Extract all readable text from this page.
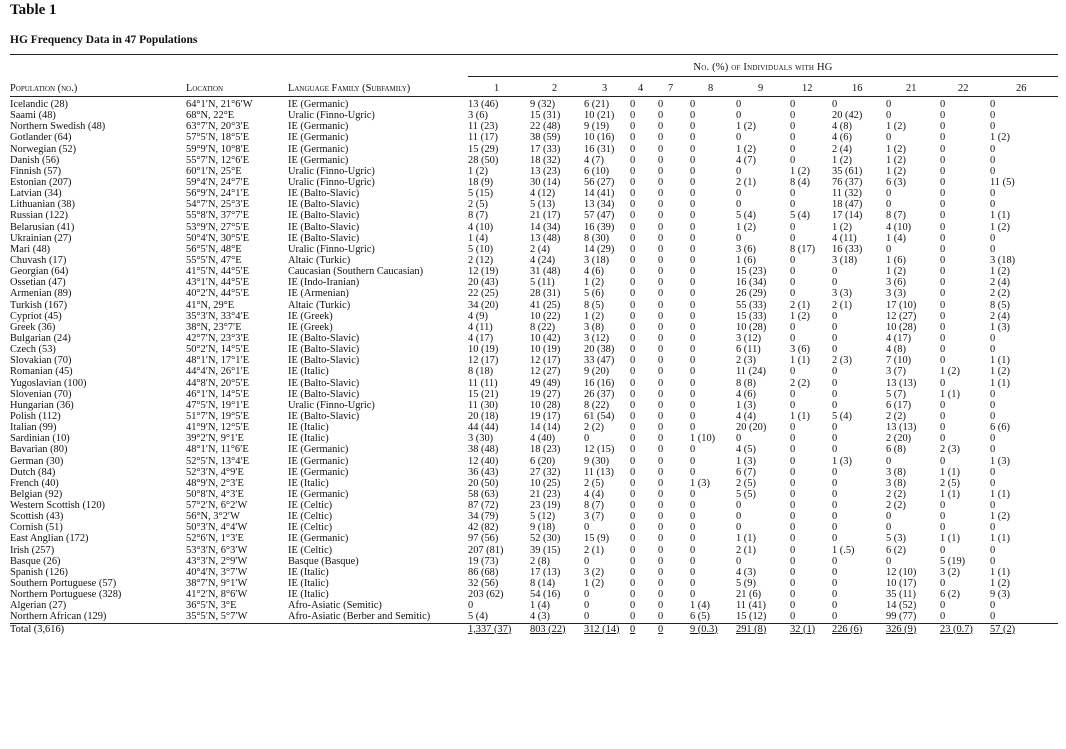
Table 1
HG Frequency Data in 47 Populations
No. (%) of Individuals with HG
Population (no.)	Location	Language Family (Subfamily)	1	2	3	4	7	8	9	12	16	21	22	26
Icelandic (28)	64°1′N, 21°6′W	IE (Germanic)	13 (46)	9 (32)	6 (21)	0	0	0	0	0	0	0	0	0
Saami (48)	68°N, 22°E	Uralic (Finno-Ugric)	3 (6)	15 (31)	10 (21)	0	0	0	0	0	20 (42)	0	0	0
Northern Swedish (48)	63°7′N, 20°3′E	IE (Germanic)	11 (23)	22 (48)	9 (19)	0	0	0	1 (2)	0	4 (8)	1 (2)	0	0
Gotlander (64)	57°5′N, 18°5′E	IE (Germanic)	11 (17)	38 (59)	10 (16)	0	0	0	0	0	4 (6)	0	0	1 (2)
Norwegian (52)	59°9′N, 10°8′E	IE (Germanic)	15 (29)	17 (33)	16 (31)	0	0	0	1 (2)	0	2 (4)	1 (2)	0	0
Danish (56)	55°7′N, 12°6′E	IE (Germanic)	28 (50)	18 (32)	4 (7)	0	0	0	4 (7)	0	1 (2)	1 (2)	0	0
Finnish (57)	60°1′N, 25°E	Uralic (Finno-Ugric)	1 (2)	13 (23)	6 (10)	0	0	0	0	1 (2)	35 (61)	1 (2)	0	0
Estonian (207)	59°4′N, 24°7′E	Uralic (Finno-Ugric)	18 (9)	30 (14)	56 (27)	0	0	0	2 (1)	8 (4)	76 (37)	6 (3)	0	11 (5)
Latvian (34)	56°9′N, 24°1′E	IE (Balto-Slavic)	5 (15)	4 (12)	14 (41)	0	0	0	0	0	11 (32)	0	0	0
Lithuanian (38)	54°7′N, 25°3′E	IE (Balto-Slavic)	2 (5)	5 (13)	13 (34)	0	0	0	0	0	18 (47)	0	0	0
Russian (122)	55°8′N, 37°7′E	IE (Balto-Slavic)	8 (7)	21 (17)	57 (47)	0	0	0	5 (4)	5 (4)	17 (14)	8 (7)	0	1 (1)
Belarusian (41)	53°9′N, 27°5′E	IE (Balto-Slavic)	4 (10)	14 (34)	16 (39)	0	0	0	1 (2)	0	1 (2)	4 (10)	0	1 (2)
Ukrainian (27)	50°4′N, 30°5′E	IE (Balto-Slavic)	1 (4)	13 (48)	8 (30)	0	0	0	0	0	4 (11)	1 (4)	0	0
Mari (48)	56°5′N, 48°E	Uralic (Finno-Ugric)	5 (10)	2 (4)	14 (29)	0	0	0	3 (6)	8 (17)	16 (33)	0	0	0
Chuvash (17)	55°5′N, 47°E	Altaic (Turkic)	2 (12)	4 (24)	3 (18)	0	0	0	1 (6)	0	3 (18)	1 (6)	0	3 (18)
Georgian (64)	41°5′N, 44°5′E	Caucasian (Southern Caucasian)	12 (19)	31 (48)	4 (6)	0	0	0	15 (23)	0	0	1 (2)	0	1 (2)
Ossetian (47)	43°1′N, 44°5′E	IE (Indo-Iranian)	20 (43)	5 (11)	1 (2)	0	0	0	16 (34)	0	0	3 (6)	0	2 (4)
Armenian (89)	40°2′N, 44°5′E	IE (Armenian)	22 (25)	28 (31)	5 (6)	0	0	0	26 (29)	0	3 (3)	3 (3)	0	2 (2)
Turkish (167)	41°N, 29°E	Altaic (Turkic)	34 (20)	41 (25)	8 (5)	0	0	0	55 (33)	2 (1)	2 (1)	17 (10)	0	8 (5)
Cypriot (45)	35°3′N, 33°4′E	IE (Greek)	4 (9)	10 (22)	1 (2)	0	0	0	15 (33)	1 (2)	0	12 (27)	0	2 (4)
Greek (36)	38°N, 23°7′E	IE (Greek)	4 (11)	8 (22)	3 (8)	0	0	0	10 (28)	0	0	10 (28)	0	1 (3)
Bulgarian (24)	42°7′N, 23°3′E	IE (Balto-Slavic)	4 (17)	10 (42)	3 (12)	0	0	0	3 (12)	0	0	4 (17)	0	0
Czech (53)	50°2′N, 14°5′E	IE (Balto-Slavic)	10 (19)	10 (19)	20 (38)	0	0	0	6 (11)	3 (6)	0	4 (8)	0	0
Slovakian (70)	48°1′N, 17°1′E	IE (Balto-Slavic)	12 (17)	12 (17)	33 (47)	0	0	0	2 (3)	1 (1)	2 (3)	7 (10)	0	1 (1)
Romanian (45)	44°4′N, 26°1′E	IE (Italic)	8 (18)	12 (27)	9 (20)	0	0	0	11 (24)	0	0	3 (7)	1 (2)	1 (2)
Yugoslavian (100)	44°8′N, 20°5′E	IE (Balto-Slavic)	11 (11)	49 (49)	16 (16)	0	0	0	8 (8)	2 (2)	0	13 (13)	0	1 (1)
Slovenian (70)	46°1′N, 14°5′E	IE (Balto-Slavic)	15 (21)	19 (27)	26 (37)	0	0	0	4 (6)	0	0	5 (7)	1 (1)	0
Hungarian (36)	47°5′N, 19°1′E	Uralic (Finno-Ugric)	11 (30)	10 (28)	8 (22)	0	0	0	1 (3)	0	0	6 (17)	0	0
Polish (112)	51°7′N, 19°5′E	IE (Balto-Slavic)	20 (18)	19 (17)	61 (54)	0	0	0	4 (4)	1 (1)	5 (4)	2 (2)	0	0
Italian (99)	41°9′N, 12°5′E	IE (Italic)	44 (44)	14 (14)	2 (2)	0	0	0	20 (20)	0	0	13 (13)	0	6 (6)
Sardinian (10)	39°2′N, 9°1′E	IE (Italic)	3 (30)	4 (40)	0	0	0	1 (10)	0	0	0	2 (20)	0	0
Bavarian (80)	48°1′N, 11°6′E	IE (Germanic)	38 (48)	18 (23)	12 (15)	0	0	0	4 (5)	0	0	6 (8)	2 (3)	0
German (30)	52°5′N, 13°4′E	IE (Germanic)	12 (40)	6 (20)	9 (30)	0	0	0	1 (3)	0	1 (3)	0	0	1 (3)
Dutch (84)	52°3′N, 4°9′E	IE (Germanic)	36 (43)	27 (32)	11 (13)	0	0	0	6 (7)	0	0	3 (8)	1 (1)	0
French (40)	48°9′N, 2°3′E	IE (Italic)	20 (50)	10 (25)	2 (5)	0	0	1 (3)	2 (5)	0	0	3 (8)	2 (5)	0
Belgian (92)	50°8′N, 4°3′E	IE (Germanic)	58 (63)	21 (23)	4 (4)	0	0	0	5 (5)	0	0	2 (2)	1 (1)	1 (1)
Western Scottish (120)	57°2′N, 6°2′W	IE (Celtic)	87 (72)	23 (19)	8 (7)	0	0	0	0	0	0	2 (2)	0	0
Scottish (43)	56°N, 3°2′W	IE (Celtic)	34 (79)	5 (12)	3 (7)	0	0	0	0	0	0	0	0	1 (2)
Cornish (51)	50°3′N, 4°4′W	IE (Celtic)	42 (82)	9 (18)	0	0	0	0	0	0	0	0	0	0
East Anglian (172)	52°6′N, 1°3′E	IE (Germanic)	97 (56)	52 (30)	15 (9)	0	0	0	1 (1)	0	0	5 (3)	1 (1)	1 (1)
Irish (257)	53°3′N, 6°3′W	IE (Celtic)	207 (81)	39 (15)	2 (1)	0	0	0	2 (1)	0	1 (.5)	6 (2)	0	0
Basque (26)	43°3′N, 2°9′W	Basque (Basque)	19 (73)	2 (8)	0	0	0	0	0	0	0	0	5 (19)	0
Spanish (126)	40°4′N, 3°7′W	IE (Italic)	86 (68)	17 (13)	3 (2)	0	0	0	4 (3)	0	0	12 (10)	3 (2)	1 (1)
Southern Portuguese (57)	38°7′N, 9°1′W	IE (Italic)	32 (56)	8 (14)	1 (2)	0	0	0	5 (9)	0	0	10 (17)	0	1 (2)
Northern Portuguese (328)	41°2′N, 8°6′W	IE (Italic)	203 (62)	54 (16)	0	0	0	0	21 (6)	0	0	35 (11)	6 (2)	9 (3)
Algerian (27)	36°5′N, 3°E	Afro-Asiatic (Semitic)	0	1 (4)	0	0	0	1 (4)	11 (41)	0	0	14 (52)	0	0
Northern African (129)	35°5′N, 5°7′W	Afro-Asiatic (Berber and Semitic)	5 (4)	4 (3)	0	0	0	6 (5)	15 (12)	0	0	99 (77)	0	0
Total (3,616)			1,337 (37)	803 (22)	312 (14)	0	0	9 (0.3)	291 (8)	32 (1)	226 (6)	326 (9)	23 (0.7)	57 (2)
